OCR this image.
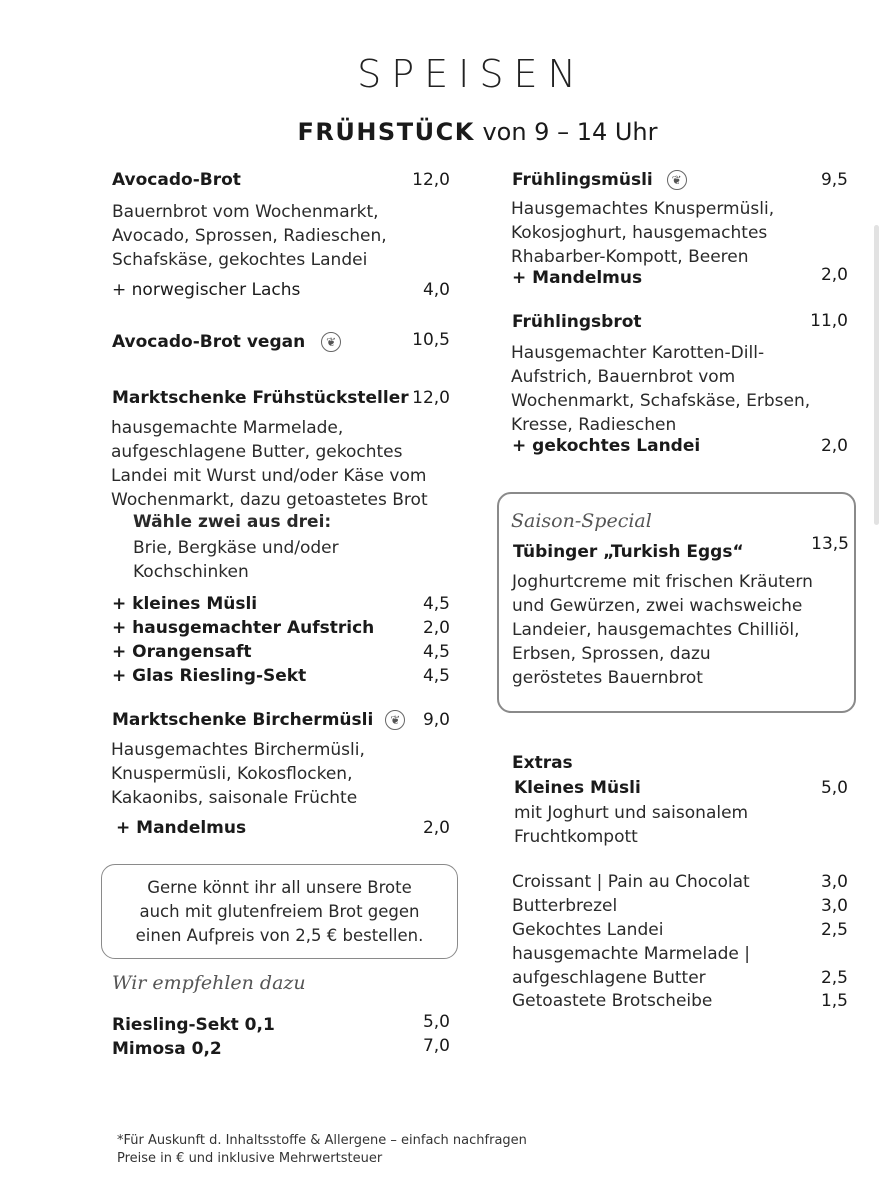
SPEISEN
FRÜHSTÜCK von 9 – 14 Uhr
Avocado-Brot	12,0
Bauernbrot vom Wochenmarkt,
Avocado, Sprossen, Radieschen,
Schafskäse, gekochtes Landei
+ norwegischer Lachs	4,0
Avocado-Brot vegan ❦	10,5
Marktschenke Frühstücksteller 12,0
hausgemachte Marmelade,
aufgeschlagene Butter, gekochtes
Landei mit Wurst und/oder Käse vom
Wochenmarkt, dazu getoastetes Brot
Wähle zwei aus drei:
Brie, Bergkäse und/oder
Kochschinken
+ kleines Müsli	4,5
+ hausgemachter Aufstrich	2,0
+ Orangensaft	4,5
+ Glas Riesling-Sekt	4,5
Marktschenke Birchermüsli ❦	9,0
Hausgemachtes Birchermüsli,
Knuspermüsli, Kokosflocken,
Kakaonibs, saisonale Früchte
+ Mandelmus	2,0
Gerne könnt ihr all unsere Brote
auch mit glutenfreiem Brot gegen
einen Aufpreis von 2,5 € bestellen.
Wir empfehlen dazu
Riesling-Sekt 0,1	5,0
Mimosa 0,2	7,0
Frühlingsmüsli ❦	9,5
Hausgemachtes Knuspermüsli,
Kokosjoghurt, hausgemachtes
Rhabarber-Kompott, Beeren
+ Mandelmus	2,0
Frühlingsbrot	11,0
Hausgemachter Karotten-Dill-
Aufstrich, Bauernbrot vom
Wochenmarkt, Schafskäse, Erbsen,
Kresse, Radieschen
+ gekochtes Landei	2,0
Saison-Special
Tübinger „Turkish Eggs“	13,5
Joghurtcreme mit frischen Kräutern
und Gewürzen, zwei wachsweiche
Landeier, hausgemachtes Chilliöl,
Erbsen, Sprossen, dazu
geröstetes Bauernbrot
Extras
Kleines Müsli	5,0
mit Joghurt und saisonalem
Fruchtkompott
Croissant | Pain au Chocolat	3,0
Butterbrezel	3,0
Gekochtes Landei	2,5
hausgemachte Marmelade |
aufgeschlagene Butter	2,5
Getoastete Brotscheibe	1,5
*Für Auskunft d. Inhaltsstoffe & Allergene – einfach nachfragen
Preise in € und inklusive Mehrwertsteuer
